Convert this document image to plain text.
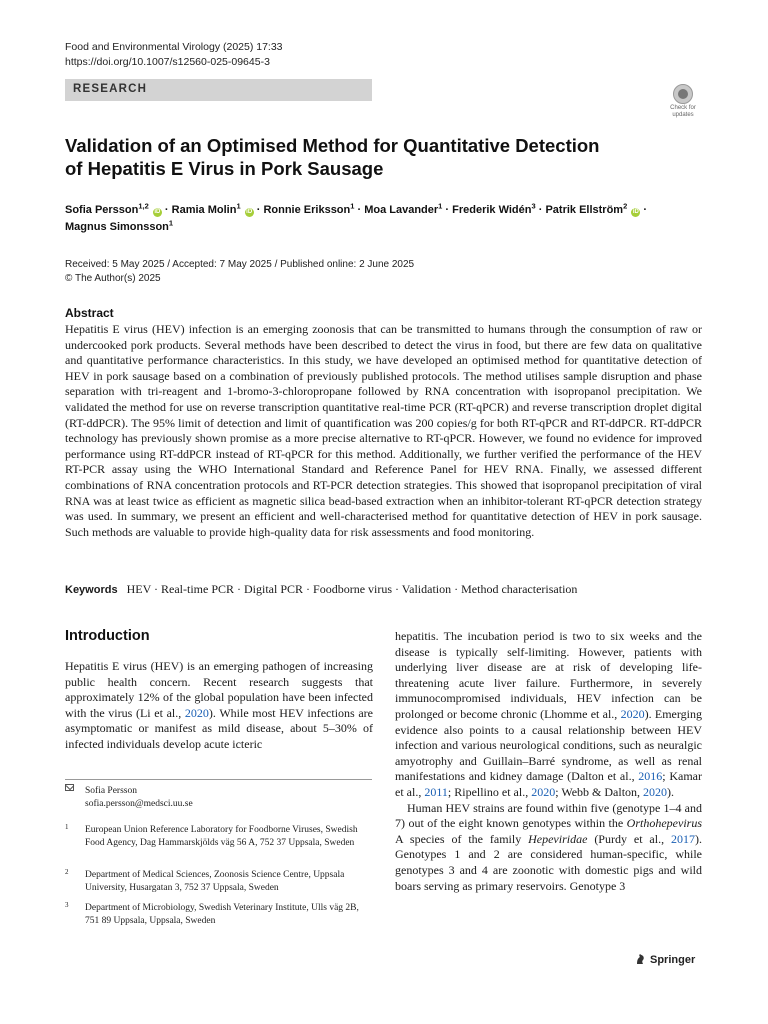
Food and Environmental Virology (2025) 17:33
https://doi.org/10.1007/s12560-025-09645-3
RESEARCH
Check for
updates
Validation of an Optimised Method for Quantitative Detection
of Hepatitis E Virus in Pork Sausage
Sofia Persson$^{1,2}$ iD · Ramia Molin$^1$ iD · Ronnie Eriksson$^1$ · Moa Lavander$^1$ · Frederik Widén$^3$ · Patrik Ellström$^2$ iD ·
Magnus Simonsson$^1$
Received: 5 May 2025 / Accepted: 7 May 2025 / Published online: 2 June 2025
© The Author(s) 2025
Abstract
Hepatitis E virus (HEV) infection is an emerging zoonosis that can be transmitted to humans through the consumption of raw or undercooked pork products. Several methods have been described to detect the virus in food, but there are few data on qualitative and quantitative performance characteristics. In this study, we have developed an optimised method for quantitative detection of HEV in pork sausage based on a combination of previously published protocols. The method utilises sample disruption and phase separation with tri-reagent and 1-bromo-3-chloropropane followed by RNA concentration with isopropanol precipitation. We validated the method for use on reverse transcription quantitative real-time PCR (RT-qPCR) and reverse transcription droplet digital (RT-ddPCR). The 95% limit of detection and limit of quantification was 200 copies/g for both RT-qPCR and RT-ddPCR. RT-ddPCR technology has previously shown promise as a more precise alternative to RT-qPCR. However, we found no evidence for improved performance using RT-ddPCR instead of RT-qPCR for this method. Additionally, we further verified the performance of the HEV RT-PCR assay using the WHO International Standard and Reference Panel for HEV RNA. Finally, we assessed different combinations of RNA concentration protocols and RT-PCR detection strategies. This showed that isopropanol precipitation of viral RNA was at least twice as efficient as magnetic silica bead-based extraction when an inhibitor-tolerant RT-qPCR detection strategy was used. In summary, we present an efficient and well-characterised method for quantitative detection of HEV in pork sausage. Such methods are valuable to provide high-quality data for risk assessments and food monitoring.
Keywords HEV · Real-time PCR · Digital PCR · Foodborne virus · Validation · Method characterisation
Introduction
Hepatitis E virus (HEV) is an emerging pathogen of increasing public health concern. Recent research suggests that approximately 12% of the global population have been infected with the virus (Li et al., 2020). While most HEV infections are asymptomatic or manifest as mild disease, about 5–30% of infected individuals develop acute icteric
Sofia Persson
sofia.persson@medsci.uu.se
1 European Union Reference Laboratory for Foodborne Viruses, Swedish Food Agency, Dag Hammarskjölds väg 56 A, 752 37 Uppsala, Sweden
2 Department of Medical Sciences, Zoonosis Science Centre, Uppsala University, Husargatan 3, 752 37 Uppsala, Sweden
3 Department of Microbiology, Swedish Veterinary Institute, Ulls väg 2B, 751 89 Uppsala, Uppsala, Sweden
hepatitis. The incubation period is two to six weeks and the disease is typically self-limiting. However, patients with underlying liver disease are at risk of developing life-threatening acute liver failure. Furthermore, in severely immunocompromised individuals, HEV infection can be prolonged or become chronic (Lhomme et al., 2020). Emerging evidence also points to a causal relationship between HEV infection and various neurological conditions, such as neuralgic amyotrophy and Guillain–Barré syndrome, as well as renal manifestations and kidney damage (Dalton et al., 2016; Kamar et al., 2011; Ripellino et al., 2020; Webb & Dalton, 2020).
Human HEV strains are found within five (genotype 1–4 and 7) out of the eight known genotypes within the Orthohepevirus A species of the family Hepeviridae (Purdy et al., 2017). Genotypes 1 and 2 are considered human-specific, while genotypes 3 and 4 are zoonotic with domestic pigs and wild boars serving as primary reservoirs. Genotype 3
Springer
